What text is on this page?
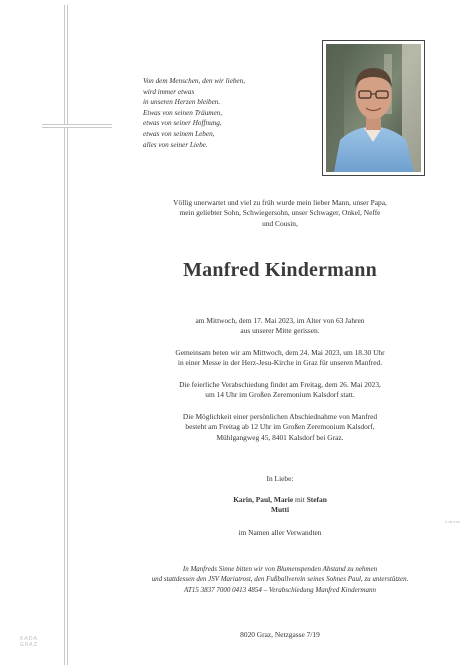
Von dem Menschen, den wir lieben,
wird immer etwas
in unseren Herzen bleiben.
Etwas von seinen Träumen,
etwas von seiner Hoffnung,
etwas von seinem Leben,
alles von seiner Liebe.
Völlig unerwartet und viel zu früh wurde mein lieber Mann, unser Papa,
mein geliebter Sohn, Schwiegersohn, unser Schwager, Onkel, Neffe
und Cousin,
Manfred Kindermann
am Mittwoch, dem 17. Mai 2023, im Alter von 63 Jahren
aus unserer Mitte gerissen.
Gemeinsam beten wir am Mittwoch, dem 24. Mai 2023, um 18.30 Uhr
in einer Messe in der Herz-Jesu-Kirche in Graz für unseren Manfred.
Die feierliche Verabschiedung findet am Freitag, dem 26. Mai 2023,
um 14 Uhr im Großen Zeremonium Kalsdorf statt.
Die Möglichkeit einer persönlichen Abschiednahme von Manfred
besteht am Freitag ab 12 Uhr im Großen Zeremonium Kalsdorf,
Mühlgangweg 45, 8401 Kalsdorf bei Graz.
In Liebe:
Karin, Paul, Marie mit Stefan
Mutti
im Namen aller Verwandten
In Manfreds Sinne bitten wir von Blumenspenden Abstand zu nehmen
und stattdessen den JSV Mariatrost, den Fußballverein seines Sohnes Paul, zu unterstützen.
AT15 3837 7000 0413 4854 – Verabschiedung Manfred Kindermann
8020 Graz, Netzgasse 7/19
KADA
GRAZ
© AP 9 00
